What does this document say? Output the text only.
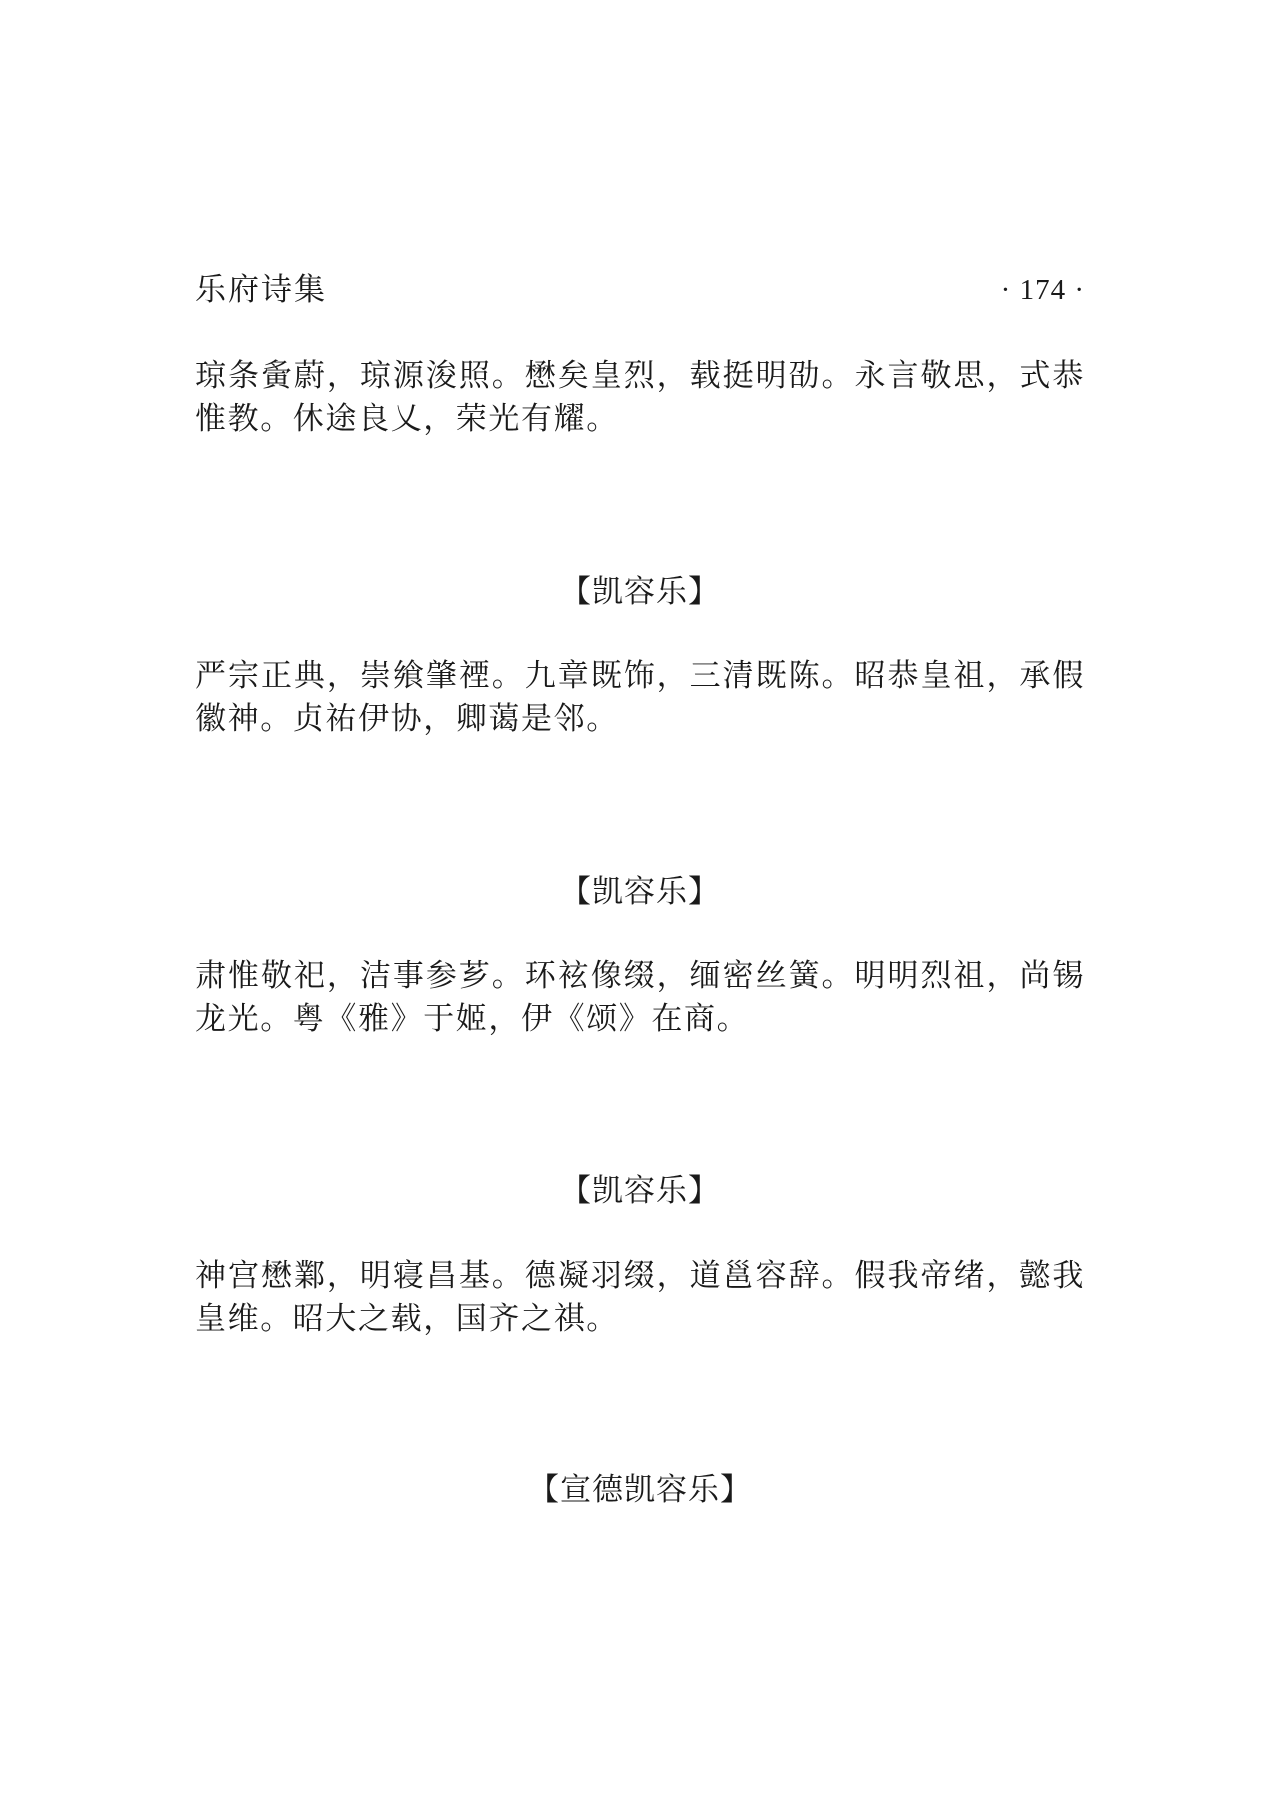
乐府诗集	· 174 ·

琼条夤蔚，琼源浚照。懋矣皇烈，载挺明劭。永言敬思，式恭惟教。休途良乂，荣光有耀。

【凯容乐】

严宗正典，崇飨肇禋。九章既饰，三清既陈。昭恭皇祖，承假徽神。贞祐伊协，卿蔼是邻。

【凯容乐】

肃惟敬祀，洁事参芗。环袨像缀，缅密丝簧。明明烈祖，尚锡龙光。粤《雅》于姬，伊《颂》在商。

【凯容乐】

神宫懋鄴，明寝昌基。德凝羽缀，道邕容辞。假我帝绪，懿我皇维。昭大之载，国齐之祺。

【宣德凯容乐】
